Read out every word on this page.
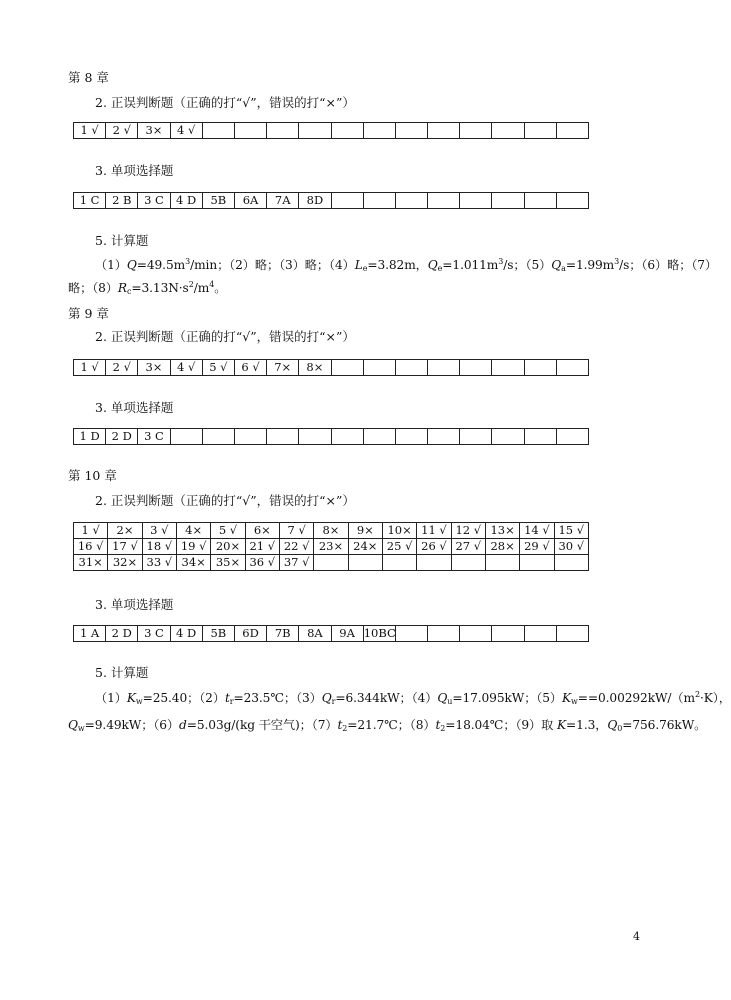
第 8 章
2. 正误判断题（正确的打“√”，错误的打“×”）
1 √	2 √	3×	4 √												
3. 单项选择题
1 C	2 B	3 C	4 D	5B	6A	7A	8D								
5. 计算题
$(1)Q=49.5m^3/\min$；（2）略；（3）略；$(4)L_e=3.82m$，$Q_e=1.011m^3/s$；$(5)Q_a=1.99m^3/s$；（6）略；（7）
略；$(8)R_c=3.13N\cdot s^2/m^4$。
第 9 章
2. 正误判断题（正确的打“√”，错误的打“×”）
1 √	2 √	3×	4 √	5 √	6 √	7×	8×								
3. 单项选择题
1 D	2 D	3 C													
第 10 章
2. 正误判断题（正确的打“√”，错误的打“×”）
1 √	2×	3 √	4×	5 √	6×	7 √	8×	9×	10×	11 √	12 √	13×	14 √	15 √
16 √	17 √	18 √	19 √	20×	21 √	22 √	23×	24×	25 √	26 √	27 √	28×	29 √	30 √
31×	32×	33 √	34×	35×	36 √	37 √								
3. 单项选择题
1 A	2 D	3 C	4 D	5B	6D	7B	8A	9A	10BC						
5. 计算题
$(1)K_w=25.40$；$(2)t_r=23.5℃$；$(3)Q_r=6.344kW$；$(4)Q_u=17.095kW$；$(5)K_w==0.00292kW/(m^2\cdot K)$，
$Q_w=9.49kW$；（6）d=5.03g/(kg 干空气)；$(7)t_2=21.7℃$；$(8)t_2=18.04℃$；（9）取 K=1.3，$Q_0=756.76kW$。
4
